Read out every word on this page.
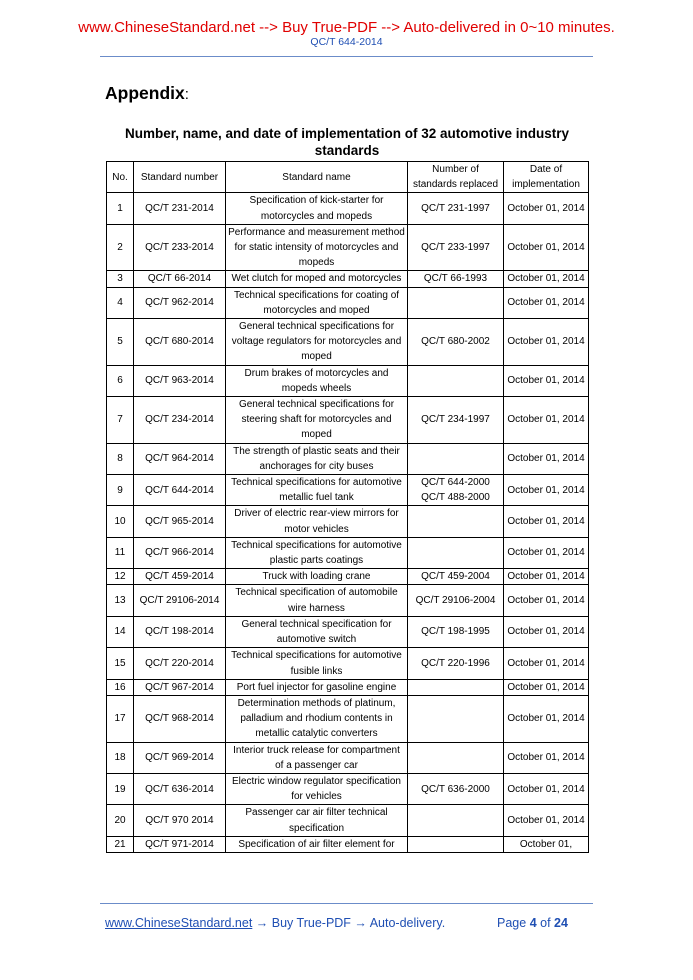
www.ChineseStandard.net --> Buy True-PDF --> Auto-delivered in 0~10 minutes.
QC/T 644-2014
Appendix:
Number, name, and date of implementation of 32 automotive industry standards
No.	Standard number	Standard name	Number of standards replaced	Date of implementation
1	QC/T 231-2014	Specification of kick-starter for motorcycles and mopeds	QC/T 231-1997	October 01, 2014
2	QC/T 233-2014	Performance and measurement method for static intensity of motorcycles and mopeds	QC/T 233-1997	October 01, 2014
3	QC/T 66-2014	Wet clutch for moped and motorcycles	QC/T 66-1993	October 01, 2014
4	QC/T 962-2014	Technical specifications for coating of motorcycles and moped		October 01, 2014
5	QC/T 680-2014	General technical specifications for voltage regulators for motorcycles and moped	QC/T 680-2002	October 01, 2014
6	QC/T 963-2014	Drum brakes of motorcycles and mopeds wheels		October 01, 2014
7	QC/T 234-2014	General technical specifications for steering shaft for motorcycles and moped	QC/T 234-1997	October 01, 2014
8	QC/T 964-2014	The strength of plastic seats and their anchorages for city buses		October 01, 2014
9	QC/T 644-2014	Technical specifications for automotive metallic fuel tank	QC/T 644-2000 QC/T 488-2000	October 01, 2014
10	QC/T 965-2014	Driver of electric rear-view mirrors for motor vehicles		October 01, 2014
11	QC/T 966-2014	Technical specifications for automotive plastic parts coatings		October 01, 2014
12	QC/T 459-2014	Truck with loading crane	QC/T 459-2004	October 01, 2014
13	QC/T 29106-2014	Technical specification of automobile wire harness	QC/T 29106-2004	October 01, 2014
14	QC/T 198-2014	General technical specification for automotive switch	QC/T 198-1995	October 01, 2014
15	QC/T 220-2014	Technical specifications for automotive fusible links	QC/T 220-1996	October 01, 2014
16	QC/T 967-2014	Port fuel injector for gasoline engine		October 01, 2014
17	QC/T 968-2014	Determination methods of platinum, palladium and rhodium contents in metallic catalytic converters		October 01, 2014
18	QC/T 969-2014	Interior truck release for compartment of a passenger car		October 01, 2014
19	QC/T 636-2014	Electric window regulator specification for vehicles	QC/T 636-2000	October 01, 2014
20	QC/T 970 2014	Passenger car air filter technical specification		October 01, 2014
21	QC/T 971-2014	Specification of air filter element for		October 01,
www.ChineseStandard.net → Buy True-PDF → Auto-delivery.	Page 4 of 24
